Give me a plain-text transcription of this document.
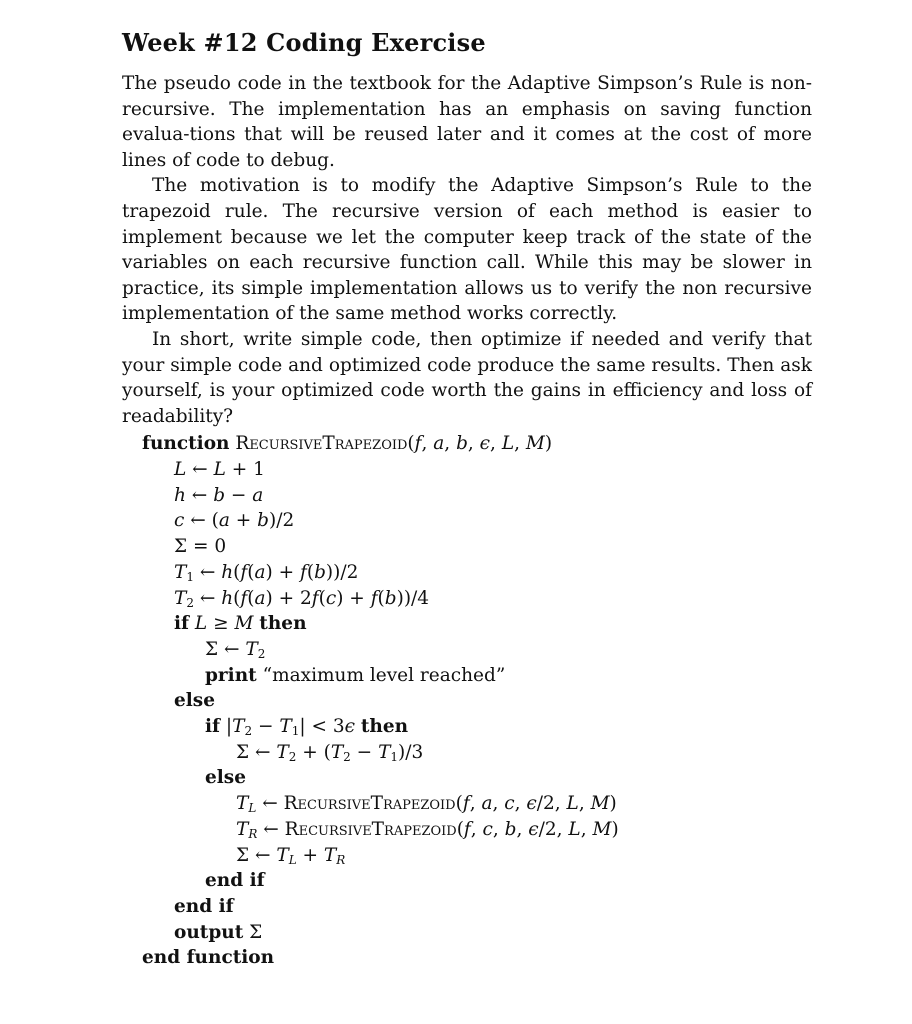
Week #12 Coding Exercise

The pseudo code in the textbook for the Adaptive Simpson’s Rule is non-recursive. The implementation has an emphasis on saving function evalua-tions that will be reused later and it comes at the cost of more lines of code to debug.

The motivation is to modify the Adaptive Simpson’s Rule to the trapezoid rule. The recursive version of each method is easier to implement because we let the computer keep track of the state of the variables on each recursive function call. While this may be slower in practice, its simple implementation allows us to verify the non recursive implementation of the same method works correctly.

In short, write simple code, then optimize if needed and verify that your simple code and optimized code produce the same results. Then ask yourself, is your optimized code worth the gains in efficiency and loss of readability?

function RecursiveTrapezoid(f, a, b, ϵ, L, M)
L ← L + 1
h ← b − a
c ← (a + b)/2
Σ = 0
$T_1$ ← h(f(a) + f(b))/2
$T_2$ ← h(f(a) + 2f(c) + f(b))/4
if L ≥ M then
Σ ← $T_2$
print “maximum level reached”
else
if $|T_2 - T_1| < 3\epsilon$ then
Σ ← $T_2 + (T_2 - T_1)/3$
else
$T_L$ ← RecursiveTrapezoid(f, a, c, ϵ/2, L, M)
$T_R$ ← RecursiveTrapezoid(f, c, b, ϵ/2, L, M)
Σ ← $T_L + T_R$
end if
end if
output Σ
end function
